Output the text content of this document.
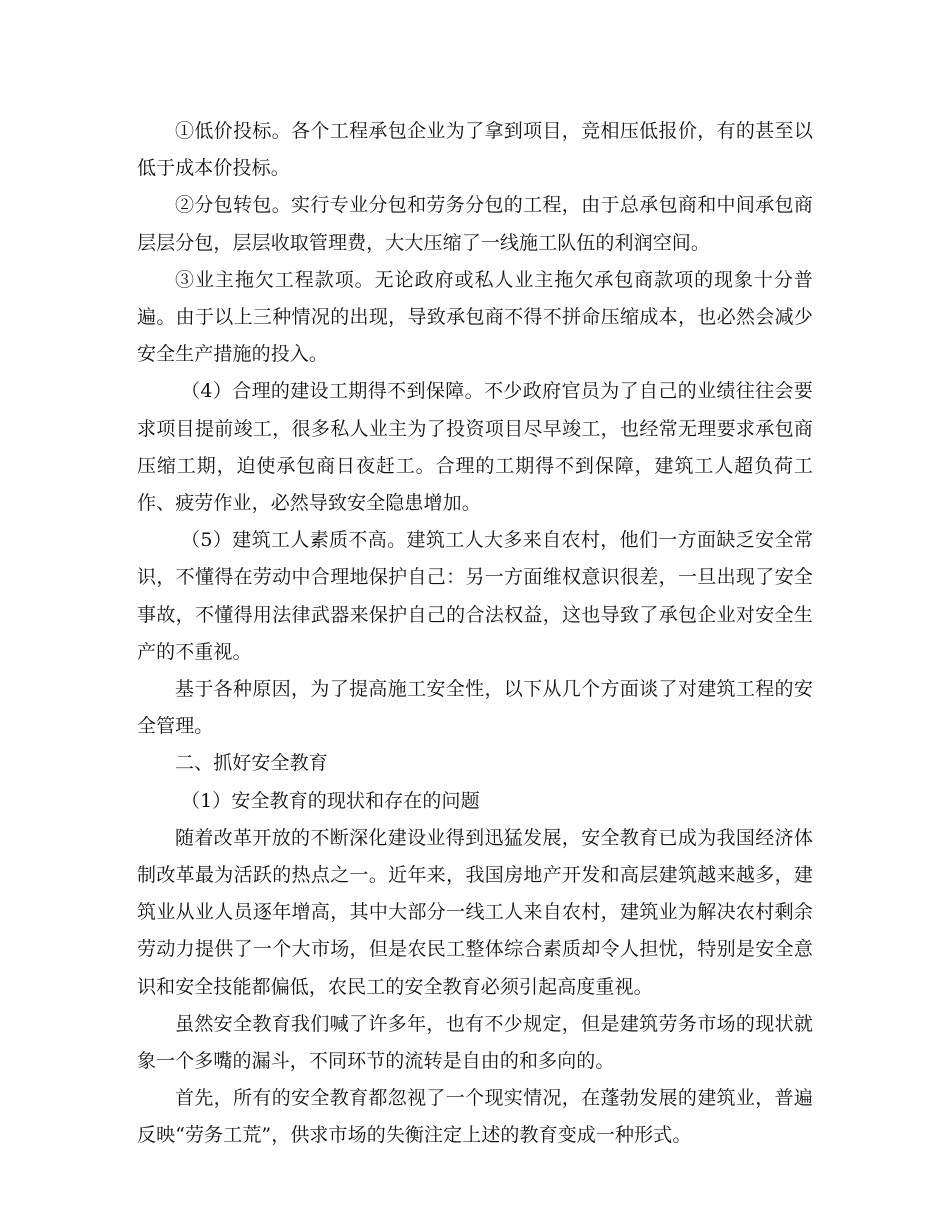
①低价投标。各个工程承包企业为了拿到项目，竞相压低报价，有的甚至以低于成本价投标。

②分包转包。实行专业分包和劳务分包的工程，由于总承包商和中间承包商层层分包，层层收取管理费，大大压缩了一线施工队伍的利润空间。

③业主拖欠工程款项。无论政府或私人业主拖欠承包商款项的现象十分普遍。由于以上三种情况的出现，导致承包商不得不拼命压缩成本，也必然会减少安全生产措施的投入。

（4）合理的建设工期得不到保障。不少政府官员为了自己的业绩往往会要求项目提前竣工，很多私人业主为了投资项目尽早竣工，也经常无理要求承包商压缩工期，迫使承包商日夜赶工。合理的工期得不到保障，建筑工人超负荷工作、疲劳作业，必然导致安全隐患增加。

（5）建筑工人素质不高。建筑工人大多来自农村，他们一方面缺乏安全常识，不懂得在劳动中合理地保护自己：另一方面维权意识很差，一旦出现了安全事故，不懂得用法律武器来保护自己的合法权益，这也导致了承包企业对安全生产的不重视。

基于各种原因，为了提高施工安全性，以下从几个方面谈了对建筑工程的安全管理。

二、抓好安全教育

（1）安全教育的现状和存在的问题

随着改革开放的不断深化建设业得到迅猛发展，安全教育已成为我国经济体制改革最为活跃的热点之一。近年来，我国房地产开发和高层建筑越来越多，建筑业从业人员逐年增高，其中大部分一线工人来自农村，建筑业为解决农村剩余劳动力提供了一个大市场，但是农民工整体综合素质却令人担忧，特别是安全意识和安全技能都偏低，农民工的安全教育必须引起高度重视。

虽然安全教育我们喊了许多年，也有不少规定，但是建筑劳务市场的现状就象一个多嘴的漏斗，不同环节的流转是自由的和多向的。

首先，所有的安全教育都忽视了一个现实情况，在蓬勃发展的建筑业，普遍反映“劳务工荒”，供求市场的失衡注定上述的教育变成一种形式。
